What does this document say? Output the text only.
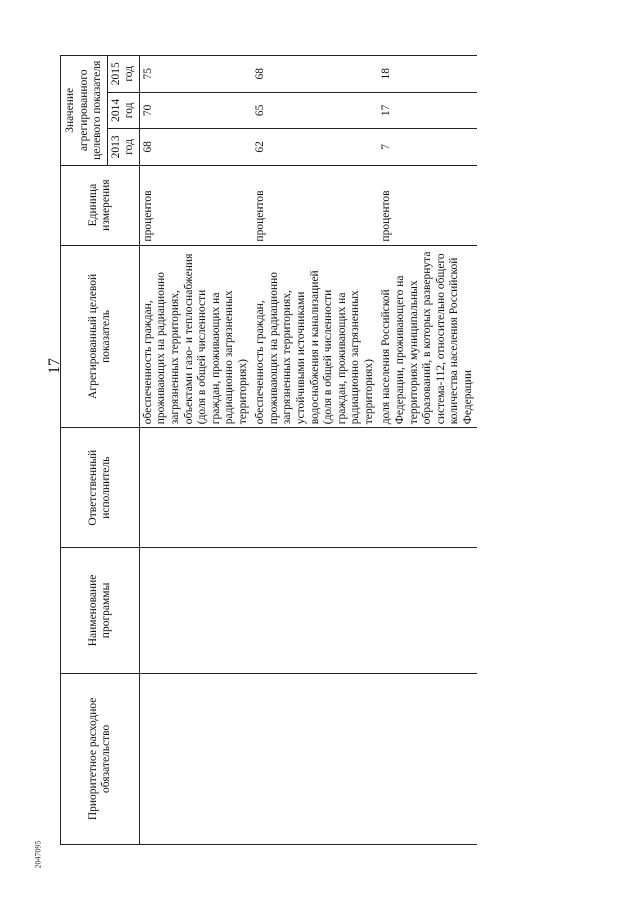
17
Приоритетное расходное обязательство	Наименование программы	Ответственный исполнитель	Агрегированный целевой показатель	Единица измерения	Значение агрегированного целевого показателя		
					2013 год	2014 год	2015 год
			обеспеченность граждан, проживающих на радиационно загрязненных территориях, объектами газо- и теплоснабжения (доля в общей численности граждан, проживающих на радиационно загрязненных территориях)	процентов	68	70	75
			обеспеченность граждан, проживающих на радиационно загрязненных территориях, устойчивыми источниками водоснабжения и канализацией (доля в общей численности граждан, проживающих на радиационно загрязненных территориях)	процентов	62	65	68
			доля населения Российской Федерации, проживающего на территориях муниципальных образований, в которых развернута система-112, относительно общего количества населения Российской Федерации	процентов	7	17	18
2047095
